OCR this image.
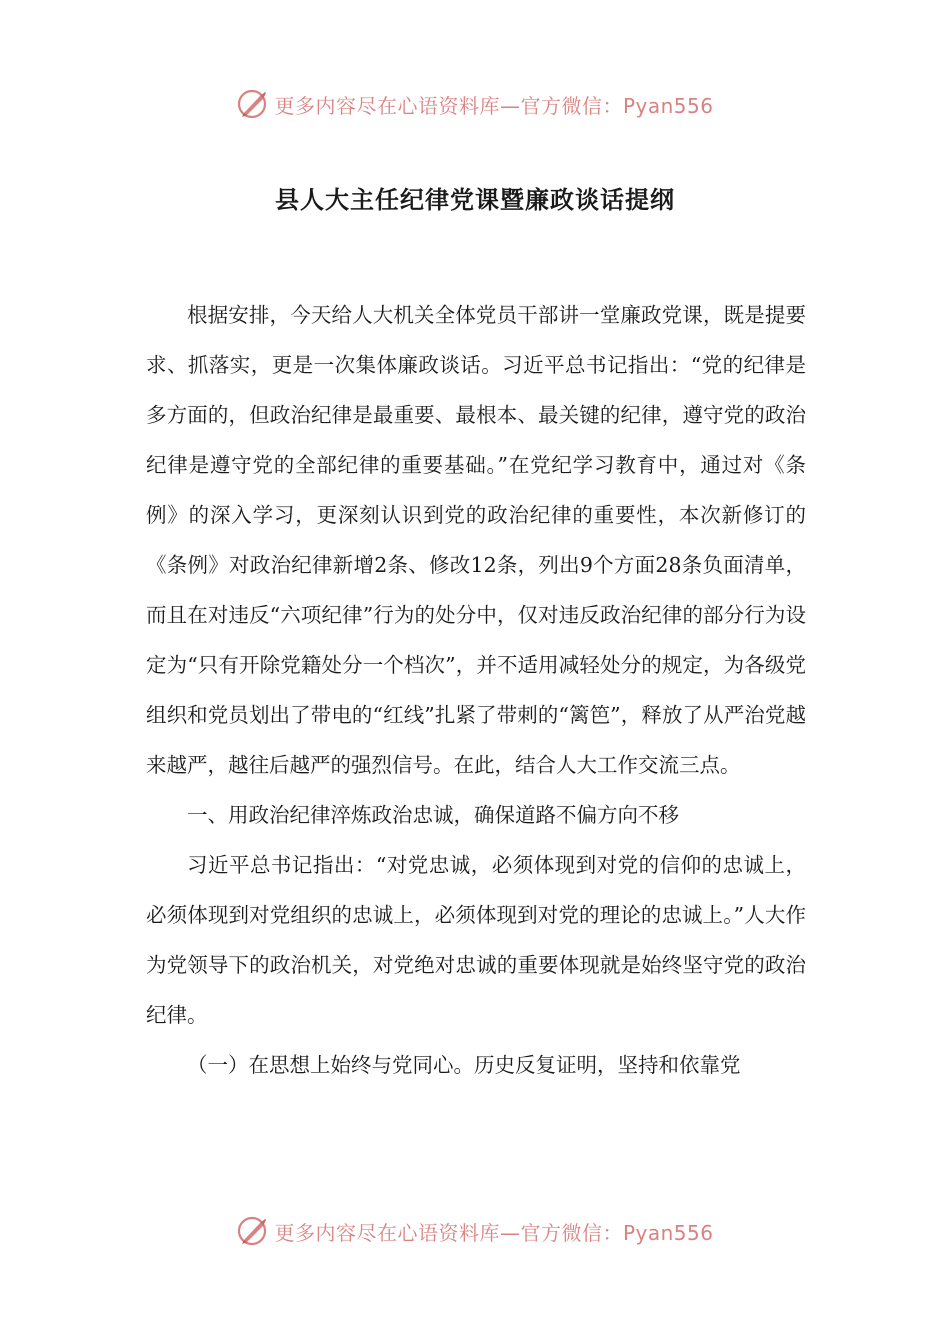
更多内容尽在心语资料库—官方微信：Pyan556
县人大主任纪律党课暨廉政谈话提纲

根据安排，今天给人大机关全体党员干部讲一堂廉政党课，既是提要求、抓落实，更是一次集体廉政谈话。习近平总书记指出：“党的纪律是多方面的，但政治纪律是最重要、最根本、最关键的纪律，遵守党的政治纪律是遵守党的全部纪律的重要基础。”在党纪学习教育中，通过对《条例》的深入学习，更深刻认识到党的政治纪律的重要性，本次新修订的《条例》对政治纪律新增2条、修改12条，列出9个方面28条负面清单，而且在对违反“六项纪律”行为的处分中，仅对违反政治纪律的部分行为设定为“只有开除党籍处分一个档次”，并不适用减轻处分的规定，为各级党组织和党员划出了带电的“红线”扎紧了带刺的“篱笆”，释放了从严治党越来越严，越往后越严的强烈信号。在此，结合人大工作交流三点。

一、用政治纪律淬炼政治忠诚，确保道路不偏方向不移

习近平总书记指出：“对党忠诚，必须体现到对党的信仰的忠诚上，必须体现到对党组织的忠诚上，必须体现到对党的理论的忠诚上。”人大作为党领导下的政治机关，对党绝对忠诚的重要体现就是始终坚守党的政治纪律。

（一）在思想上始终与党同心。历史反复证明，坚持和依靠党

更多内容尽在心语资料库—官方微信：Pyan556
